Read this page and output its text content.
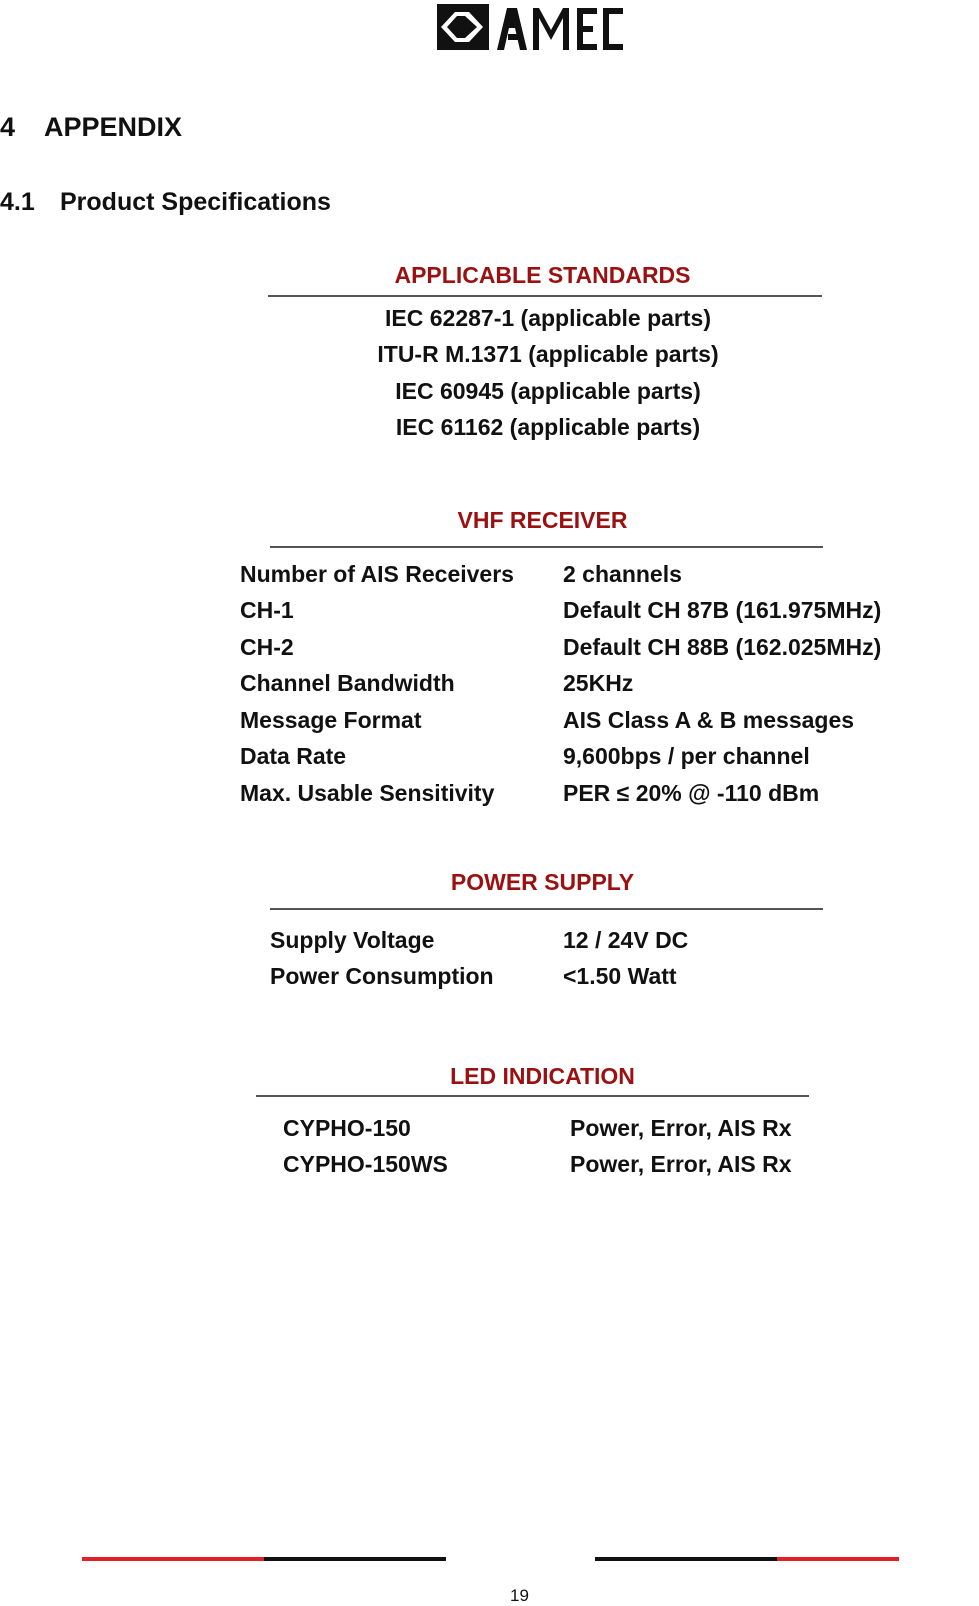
4 APPENDIX
4.1 Product Specifications
APPLICABLE STANDARDS
IEC 62287-1 (applicable parts)
ITU-R M.1371 (applicable parts)
IEC 60945 (applicable parts)
IEC 61162 (applicable parts)
VHF RECEIVER
Number of AIS Receivers 2 channels
CH-1	Default CH 87B (161.975MHz)
CH-2	Default CH 88B (162.025MHz)
Channel Bandwidth	25KHz
Message Format	AIS Class A & B messages
Data Rate	9,600bps / per channel
Max. Usable Sensitivity	PER ≤ 20% @ -110 dBm
POWER SUPPLY
Supply Voltage	12 / 24V DC
Power Consumption	<1.50 Watt
LED INDICATION
CYPHO-150	Power, Error, AIS Rx
CYPHO-150WS	Power, Error, AIS Rx
19
